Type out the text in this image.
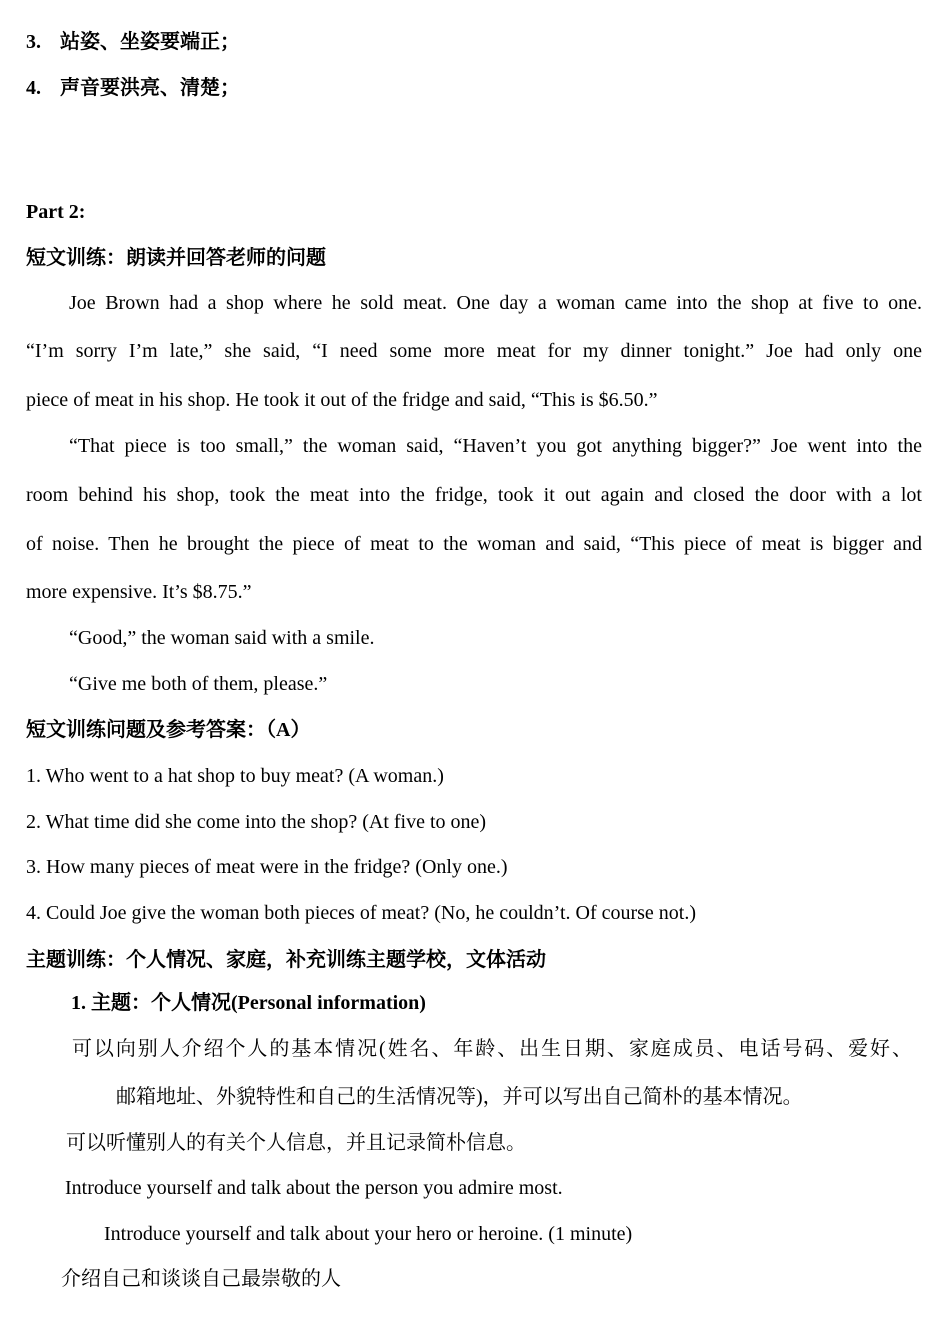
3. 站姿、坐姿要端正；
4. 声音要洪亮、清楚；
Part 2:
短文训练：朗读并回答老师的问题
Joe Brown had a shop where he sold meat. One day a woman came into the shop at five to one.
“I’m sorry I’m late,” she said, “I need some more meat for my dinner tonight.” Joe had only one
piece of meat in his shop. He took it out of the fridge and said, “This is $6.50.”
“That piece is too small,” the woman said, “Haven’t you got anything bigger?” Joe went into the
room behind his shop, took the meat into the fridge, took it out again and closed the door with a lot
of noise. Then he brought the piece of meat to the woman and said, “This piece of meat is bigger and
more expensive. It’s $8.75.”
“Good,” the woman said with a smile.
“Give me both of them, please.”
短文训练问题及参考答案：（A）
1. Who went to a hat shop to buy meat? (A woman.)
2. What time did she come into the shop? (At five to one)
3. How many pieces of meat were in the fridge? (Only one.)
4. Could Joe give the woman both pieces of meat? (No, he couldn’t. Of course not.)
主题训练：个人情况、家庭，补充训练主题学校，文体活动
1. 主题：个人情况(Personal information)
可以向别人介绍个人的基本情况(姓名、年龄、出生日期、家庭成员、电话号码、爱好、
邮箱地址、外貌特性和自己的生活情况等)，并可以写出自己简朴的基本情况。
可以听懂别人的有关个人信息，并且记录简朴信息。
Introduce yourself and talk about the person you admire most.
Introduce yourself and talk about your hero or heroine. (1 minute)
介绍自己和谈谈自己最崇敬的人
